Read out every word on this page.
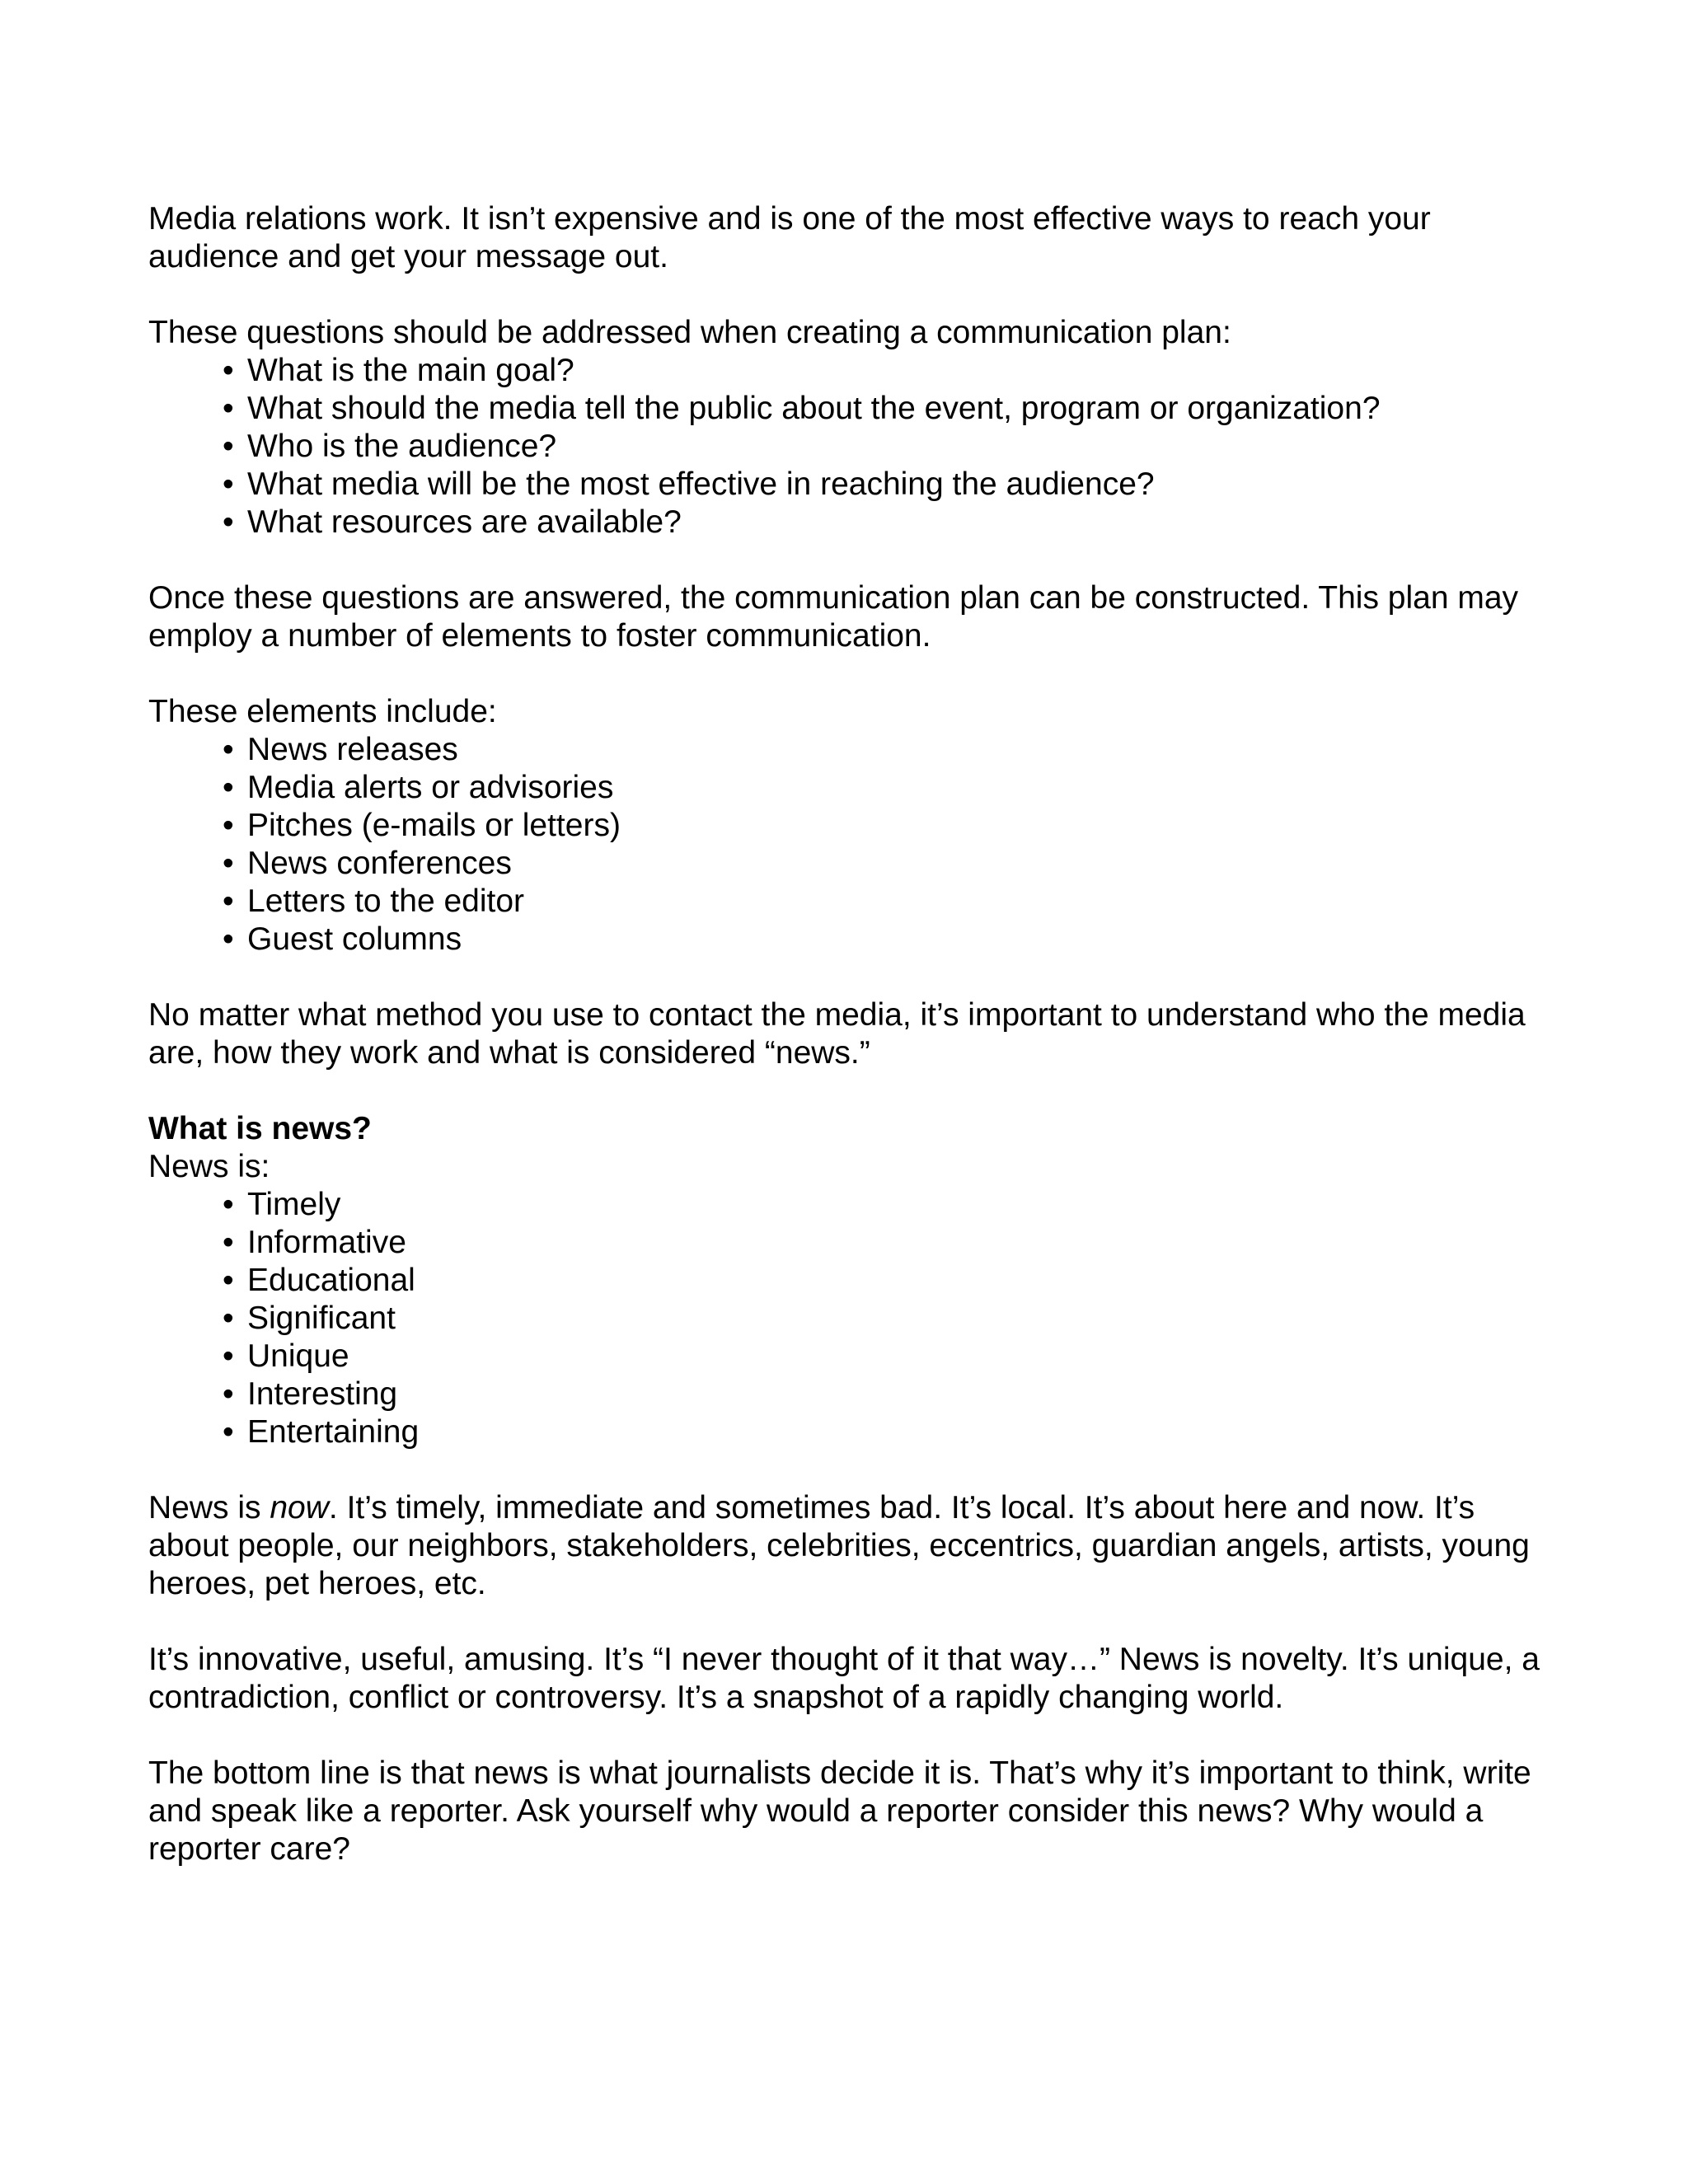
Media relations work. It isn’t expensive and is one of the most effective ways to reach your audience and get your message out.

These questions should be addressed when creating a communication plan:

• What is the main goal?
• What should the media tell the public about the event, program or organization?
• Who is the audience?
• What media will be the most effective in reaching the audience?
• What resources are available?

Once these questions are answered, the communication plan can be constructed. This plan may employ a number of elements to foster communication.

These elements include:

• News releases
• Media alerts or advisories
• Pitches (e-mails or letters)
• News conferences
• Letters to the editor
• Guest columns

No matter what method you use to contact the media, it’s important to understand who the media are, how they work and what is considered “news.”

What is news?

News is:

• Timely
• Informative
• Educational
• Significant
• Unique
• Interesting
• Entertaining

News is now. It’s timely, immediate and sometimes bad. It’s local. It’s about here and now. It’s about people, our neighbors, stakeholders, celebrities, eccentrics, guardian angels, artists, young heroes, pet heroes, etc.

It’s innovative, useful, amusing. It’s “I never thought of it that way…” News is novelty. It’s unique, a contradiction, conflict or controversy. It’s a snapshot of a rapidly changing world.

The bottom line is that news is what journalists decide it is. That’s why it’s important to think, write and speak like a reporter. Ask yourself why would a reporter consider this news? Why would a reporter care?
